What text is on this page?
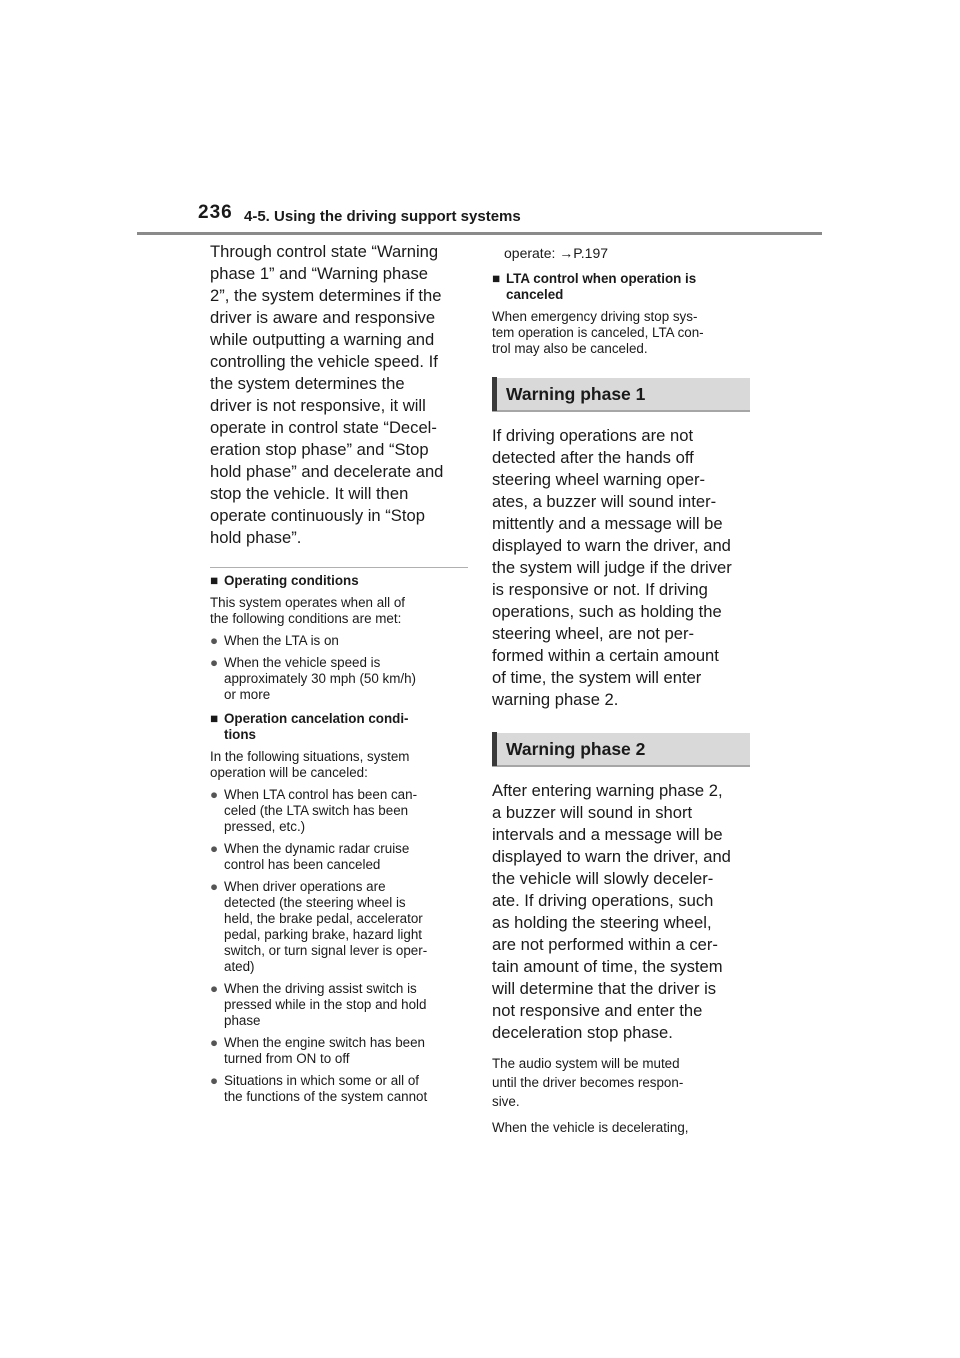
236 4-5. Using the driving support systems

Through control state “Warning

phase 1” and “Warning phase

2”, the system determines if the

driver is aware and responsive

while outputting a warning and

controlling the vehicle speed. If

the system determines the

driver is not responsive, it will

operate in control state “Decel-

eration stop phase” and “Stop

hold phase” and decelerate and

stop the vehicle. It will then

operate continuously in “Stop

hold phase”.

■ Operating conditions

This system operates when all of

the following conditions are met:

● When the LTA is on

● When the vehicle speed is

approximately 30 mph (50 km/h)

or more

■ Operation cancelation condi-

tions

In the following situations, system

operation will be canceled:

● When LTA control has been can-

celed (the LTA switch has been

pressed, etc.)

● When the dynamic radar cruise

control has been canceled

● When driver operations are

detected (the steering wheel is

held, the brake pedal, accelerator

pedal, parking brake, hazard light

switch, or turn signal lever is oper-

ated)

● When the driving assist switch is

pressed while in the stop and hold

phase

● When the engine switch has been

turned from ON to off

● Situations in which some or all of

the functions of the system cannot

operate: →P.197

■ LTA control when operation is

canceled

When emergency driving stop sys-

tem operation is canceled, LTA con-

trol may also be canceled.

Warning phase 1

If driving operations are not

detected after the hands off

steering wheel warning oper-

ates, a buzzer will sound inter-

mittently and a message will be

displayed to warn the driver, and

the system will judge if the driver

is responsive or not. If driving

operations, such as holding the

steering wheel, are not per-

formed within a certain amount

of time, the system will enter

warning phase 2.

Warning phase 2

After entering warning phase 2,

a buzzer will sound in short

intervals and a message will be

displayed to warn the driver, and

the vehicle will slowly deceler-

ate. If driving operations, such

as holding the steering wheel,

are not performed within a cer-

tain amount of time, the system

will determine that the driver is

not responsive and enter the

deceleration stop phase.

The audio system will be muted

until the driver becomes respon-

sive.

When the vehicle is decelerating,
